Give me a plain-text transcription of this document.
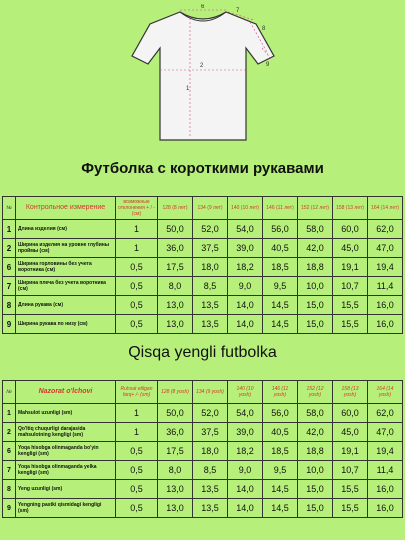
1
2
6
7
8
9
Футболка с короткими рукавами
№	Контрольное измерение	возможные отклонения + / - (см)	128 (8 лет)	134 (9 лет)	140 (10 лет)	146 (11 лет)	152 (12 лет)	158 (13 лет)	164 (14 лет)
1	Длина изделия (см)	1	50,0	52,0	54,0	56,0	58,0	60,0	62,0
2	Ширина изделия на уровне глубины проймы (см)	1	36,0	37,5	39,0	40,5	42,0	45,0	47,0
6	Ширина горловины без учета воротника (см)	0,5	17,5	18,0	18,2	18,5	18,8	19,1	19,4
7	Ширина плеча без учета воротника (см)	0,5	8,0	8,5	9,0	9,5	10,0	10,7	11,4
8	Длина рукава (см)	0,5	13,0	13,5	14,0	14,5	15,0	15,5	16,0
9	Ширина рукава по низу (см)	0,5	13,0	13,5	14,0	14,5	15,0	15,5	16,0
Qisqa yengli futbolka
№	Nazorat o'lchovi	Ruhsat etilgan farq+ /- (sm)	128 (8 yosh)	134 (9 yosh)	140 (10 yosh)	146 (11 yosh)	152 (12 yosh)	158 (13 yosh)	164 (14 yosh)
1	Mahsulot uzunligi (sm)	1	50,0	52,0	54,0	56,0	58,0	60,0	62,0
2	Qo'ltiq chuqurligi darajasida mahsulotning kengligi (sm)	1	36,0	37,5	39,0	40,5	42,0	45,0	47,0
6	Yoqa hisobga olinmaganda bo'yin kengligi (sm)	0,5	17,5	18,0	18,2	18,5	18,8	19,1	19,4
7	Yoqa hisobga olinmaganda yelka kengligi (sm)	0,5	8,0	8,5	9,0	9,5	10,0	10,7	11,4
8	Yeng uzunligi (sm)	0,5	13,0	13,5	14,0	14,5	15,0	15,5	16,0
9	Yengning pastki qismidagi kengligi (sm)	0,5	13,0	13,5	14,0	14,5	15,0	15,5	16,0
